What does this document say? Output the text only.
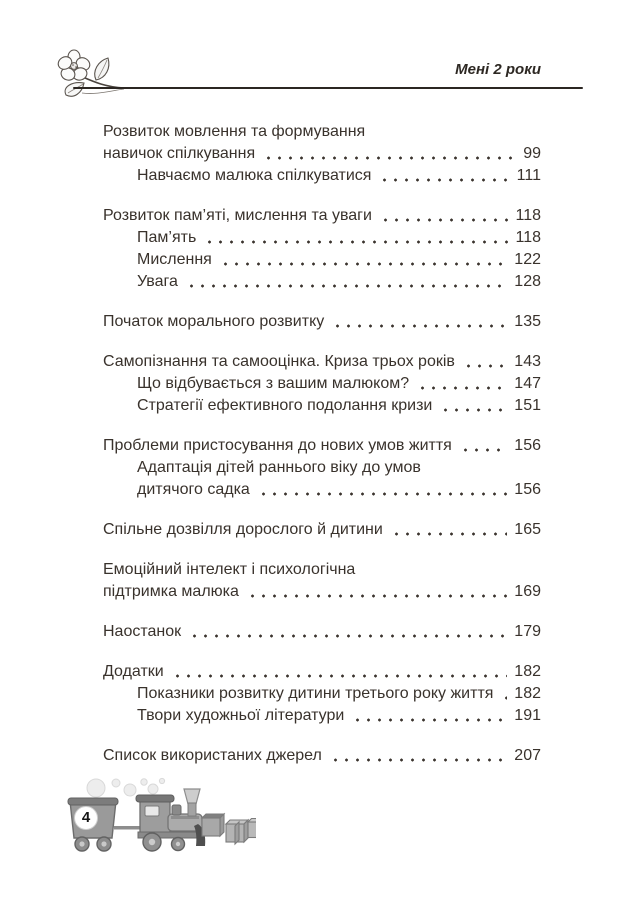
Мені 2 роки
Розвиток мовлення та формування
навичок спілкування	99
Навчаємо малюка спілкуватися	111
Розвиток пам’яті, мислення та уваги	118
Пам’ять	118
Мислення	122
Увага	128
Початок морального розвитку	135
Самопізнання та самооцінка. Криза трьох років	143
Що відбувається з вашим малюком?	147
Стратегії ефективного подолання кризи	151
Проблеми пристосування до нових умов життя	156
Адаптація дітей раннього віку до умов
дитячого садка	156
Спільне дозвілля дорослого й дитини	165
Емоційний інтелект і психологічна
підтримка малюка	169
Наостанок	179
Додатки	182
Показники розвитку дитини третього року життя 182
Твори художньої літератури	191
Список використаних джерел	207
4
